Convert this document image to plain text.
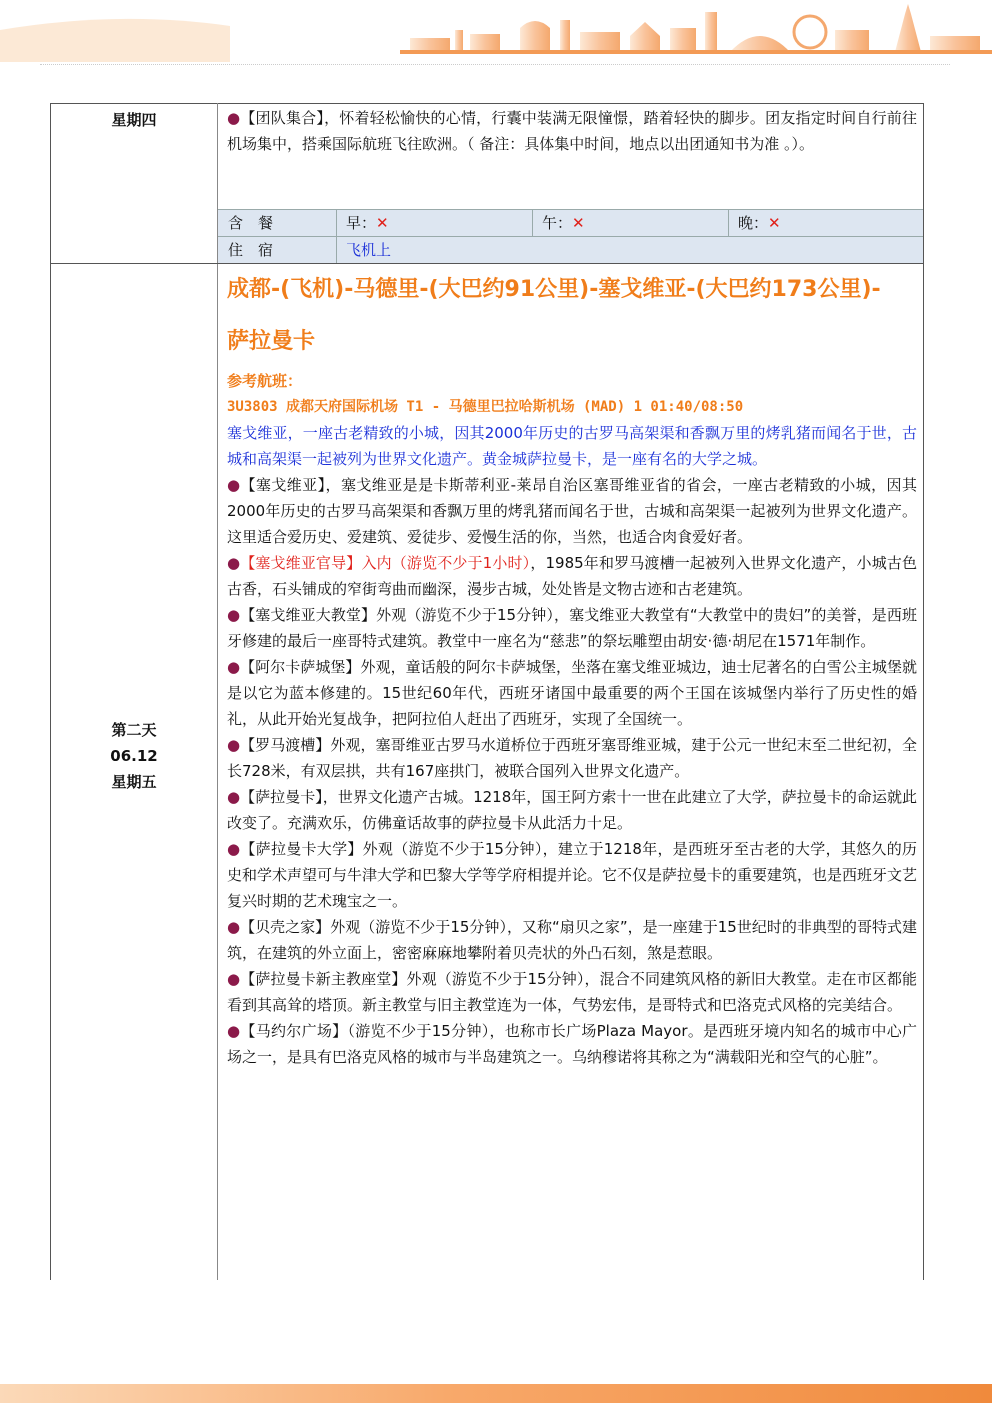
星期四	●【团队集合】，怀着轻松愉快的心情，行囊中装满无限憧憬，踏着轻快的脚步。团友指定时间自行前往机场集中，搭乘国际航班飞往欧洲。（ 备注：具体集中时间，地点以出团通知书为准 。）。

含　餐	早：✕	午：✕	晚：✕
住　宿	飞机上
第二天
06.12
星期五

成都-(飞机)-马德里-(大巴约91公里)-塞戈维亚-(大巴约173公里)-

萨拉曼卡

参考航班：

3U3803 成都天府国际机场 T1 - 马德里巴拉哈斯机场 (MAD) 1 01:40/08:50

塞戈维亚，一座古老精致的小城，因其2000年历史的古罗马高架渠和香飘万里的烤乳猪而闻名于世，古城和高架渠一起被列为世界文化遗产。黄金城萨拉曼卡，是一座有名的大学之城。

●【塞戈维亚】，塞戈维亚是是卡斯蒂利亚-莱昂自治区塞哥维亚省的省会，一座古老精致的小城，因其2000年历史的古罗马高架渠和香飘万里的烤乳猪而闻名于世，古城和高架渠一起被列为世界文化遗产。这里适合爱历史、爱建筑、爱徒步、爱慢生活的你，当然，也适合肉食爱好者。

●【塞戈维亚官导】入内（游览不少于1小时），1985年和罗马渡槽一起被列入世界文化遗产，小城古色古香，石头铺成的窄街弯曲而幽深，漫步古城，处处皆是文物古迹和古老建筑。

●【塞戈维亚大教堂】外观（游览不少于15分钟），塞戈维亚大教堂有“大教堂中的贵妇”的美誉，是西班牙修建的最后一座哥特式建筑。教堂中一座名为“慈悲”的祭坛雕塑由胡安·德·胡尼在1571年制作。

●【阿尔卡萨城堡】外观，童话般的阿尔卡萨城堡，坐落在塞戈维亚城边，迪士尼著名的白雪公主城堡就是以它为蓝本修建的。15世纪60年代，西班牙诸国中最重要的两个王国在该城堡内举行了历史性的婚礼，从此开始光复战争，把阿拉伯人赶出了西班牙，实现了全国统一。

●【罗马渡槽】外观，塞哥维亚古罗马水道桥位于西班牙塞哥维亚城，建于公元一世纪末至二世纪初，全长728米，有双层拱，共有167座拱门，被联合国列入世界文化遗产。

●【萨拉曼卡】，世界文化遗产古城。1218年，国王阿方索十一世在此建立了大学，萨拉曼卡的命运就此改变了。充满欢乐，仿佛童话故事的萨拉曼卡从此活力十足。

●【萨拉曼卡大学】外观（游览不少于15分钟），建立于1218年，是西班牙至古老的大学，其悠久的历史和学术声望可与牛津大学和巴黎大学等学府相提并论。它不仅是萨拉曼卡的重要建筑，也是西班牙文艺复兴时期的艺术瑰宝之一。

●【贝壳之家】外观（游览不少于15分钟），又称“扇贝之家”，是一座建于15世纪时的非典型的哥特式建筑，在建筑的外立面上，密密麻麻地攀附着贝壳状的外凸石刻，煞是惹眼。

●【萨拉曼卡新主教座堂】外观（游览不少于15分钟），混合不同建筑风格的新旧大教堂。走在市区都能看到其高耸的塔顶。新主教堂与旧主教堂连为一体，气势宏伟，是哥特式和巴洛克式风格的完美结合。

●【马约尔广场】（游览不少于15分钟），也称市长广场Plaza Mayor。是西班牙境内知名的城市中心广场之一，是具有巴洛克风格的城市与半岛建筑之一。乌纳穆诺将其称之为“满载阳光和空气的心脏”。
